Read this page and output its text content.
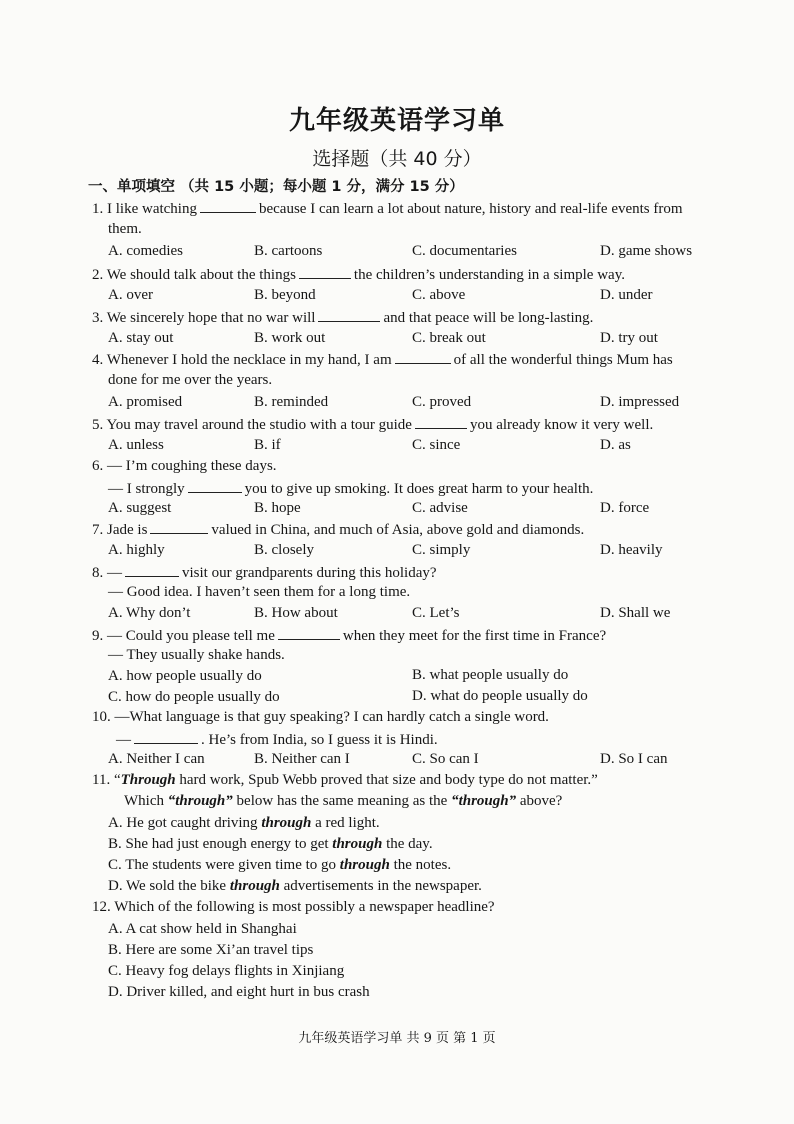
九年级英语学习单
选择题（共 40 分）
一、单项填空 （共 15 小题；每小题 1 分，满分 15 分）
1. I like watching	because I can learn a lot about nature, history and real-life events from
them.
A. comedies	B. cartoons	C. documentaries	D. game shows
2. We should talk about the things	the children’s understanding in a simple way.
A. over	B. beyond	C. above	D. under
3. We sincerely hope that no war will	and that peace will be long-lasting.
A. stay out	B. work out	C. break out	D. try out
4. Whenever I hold the necklace in my hand, I am	of all the wonderful things Mum has
done for me over the years.
A. promised	B. reminded	C. proved	D. impressed
5. You may travel around the studio with a tour guide	you already know it very well.
A. unless	B. if	C. since	D. as
6. — I’m coughing these days.
— I strongly	you to give up smoking. It does great harm to your health.
A. suggest	B. hope	C. advise	D. force
7. Jade is	valued in China, and much of Asia, above gold and diamonds.
A. highly	B. closely	C. simply	D. heavily
8. —	visit our grandparents during this holiday?
— Good idea. I haven’t seen them for a long time.
A. Why don’t	B. How about	C. Let’s	D. Shall we
9. — Could you please tell me	when they meet for the first time in France?
— They usually shake hands.
A. how people usually do	B. what people usually do
C. how do people usually do	D. what do people usually do
10. —What language is that guy speaking? I can hardly catch a single word.
—	. He’s from India, so I guess it is Hindi.
A. Neither I can	B. Neither can I	C. So can I	D. So I can
11. “Through hard work, Spub Webb proved that size and body type do not matter.”
Which “through” below has the same meaning as the “through” above?
A. He got caught driving through a red light.
B. She had just enough energy to get through the day.
C. The students were given time to go through the notes.
D. We sold the bike through advertisements in the newspaper.
12. Which of the following is most possibly a newspaper headline?
A. A cat show held in Shanghai
B. Here are some Xi’an travel tips
C. Heavy fog delays flights in Xinjiang
D. Driver killed, and eight hurt in bus crash
九年级英语学习单 共 9 页 第 1 页
